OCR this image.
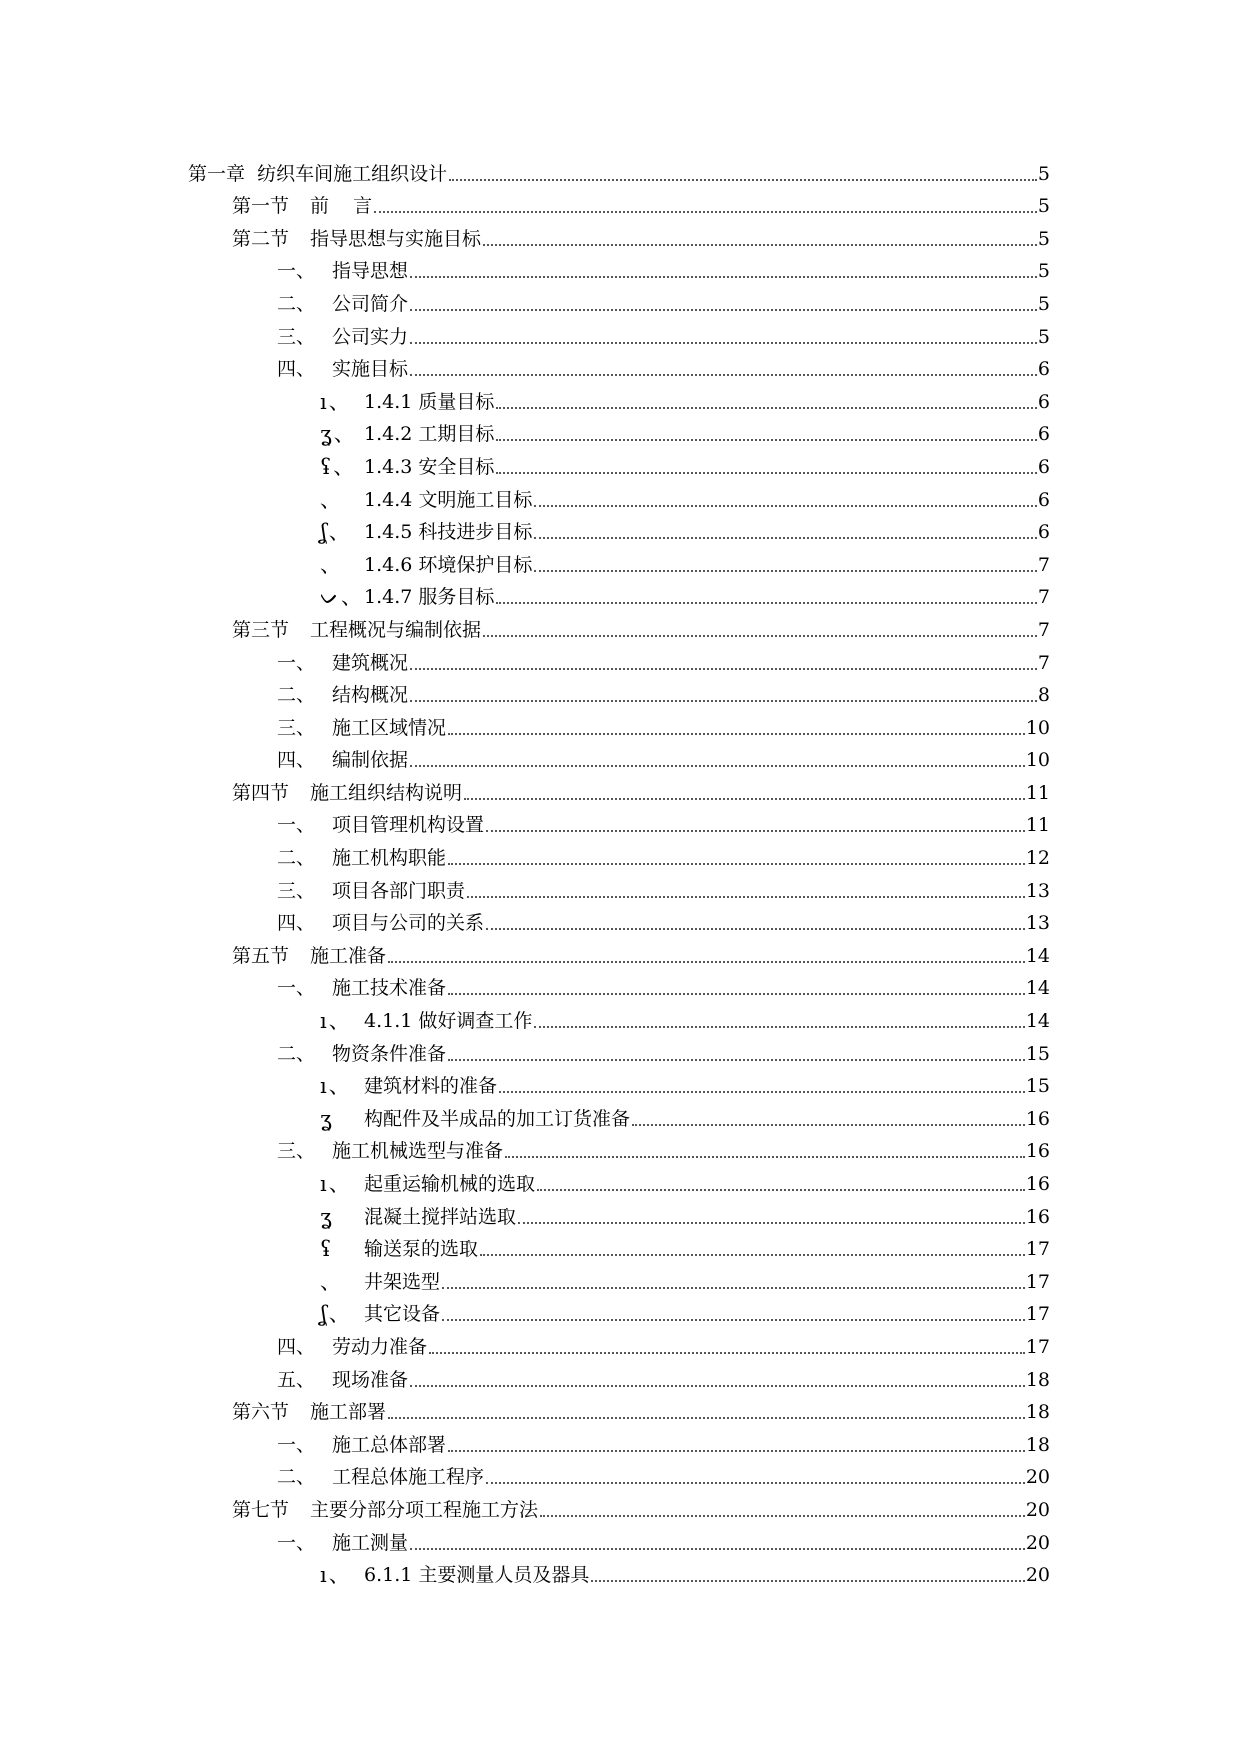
第一章 纺织车间施工组织设计	5
第一节 前    言	5
第二节 指导思想与实施目标	5
一、 指导思想	5
二、 公司简介	5
三、 公司实力	5
四、 实施目标	6
ı、 1.4.1 质量目标	6
ʓ、 1.4.2 工期目标	6
ʢ、 1.4.3 安全目标	6
、	1.4.4 文明施工目标	6
ʆ、 1.4.5 科技进步目标	6
、	1.4.6 环境保护目标	7
ᨆ、 1.4.7 服务目标	7
第三节 工程概况与编制依据	7
一、 建筑概况	7
二、 结构概况	8
三、 施工区域情况	10
四、 编制依据	10
第四节 施工组织结构说明	11
一、 项目管理机构设置	11
二、 施工机构职能	12
三、 项目各部门职责	13
四、 项目与公司的关系	13
第五节 施工准备	14
一、 施工技术准备	14
ı、 4.1.1 做好调查工作	14
二、 物资条件准备	15
ı、 建筑材料的准备	15
ʓ	构配件及半成品的加工订货准备	16
三、 施工机械选型与准备	16
ı、 起重运输机械的选取	16
ʓ	混凝土搅拌站选取	16
ʢ	输送泵的选取	17
、	井架选型	17
ʆ、 其它设备	17
四、 劳动力准备	17
五、 现场准备	18
第六节 施工部署	18
一、 施工总体部署	18
二、 工程总体施工程序	20
第七节 主要分部分项工程施工方法	20
一、 施工测量	20
ı、 6.1.1 主要测量人员及器具	20
